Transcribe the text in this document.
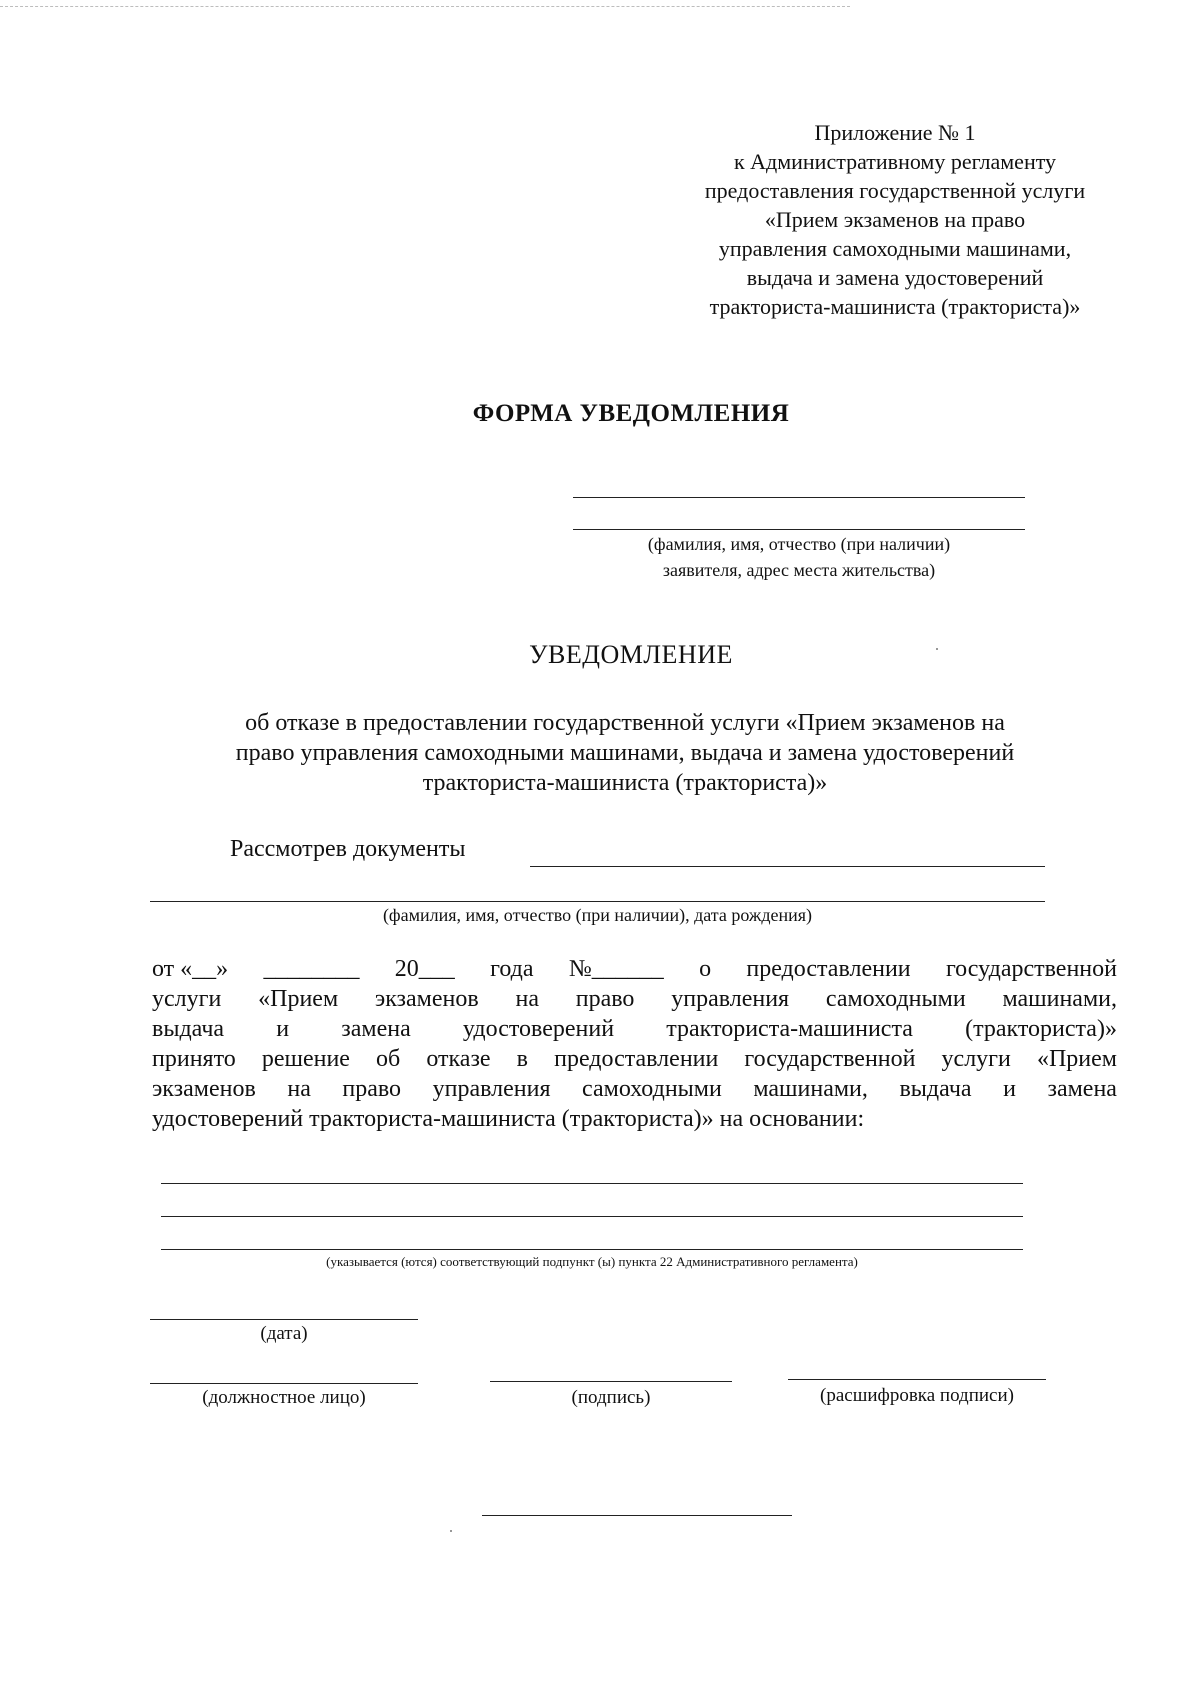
Приложение № 1
к Административному регламенту
предоставления государственной услуги
«Прием экзаменов на право
управления самоходными машинами,
выдача и замена удостоверений
тракториста-машиниста (тракториста)»
ФОРМА УВЕДОМЛЕНИЯ
(фамилия, имя, отчество (при наличии)
заявителя, адрес места жительства)
УВЕДОМЛЕНИЕ
об отказе в предоставлении государственной услуги «Прием экзаменов на
право управления самоходными машинами, выдача и замена удостоверений
тракториста-машиниста (тракториста)»
Рассмотрев документы
(фамилия, имя, отчество (при наличии), дата рождения)
от «__» ________ 20___ года №______ о предоставлении государственной
услуги «Прием экзаменов на право управления самоходными машинами,
выдача и замена удостоверений тракториста-машиниста (тракториста)»
принято решение об отказе в предоставлении государственной услуги «Прием
экзаменов на право управления самоходными машинами, выдача и замена
удостоверений тракториста-машиниста (тракториста)» на основании:
(указывается (ются) соответствующий подпункт (ы) пункта 22 Административного регламента)
(дата)
(должностное лицо)	(подпись)	(расшифровка подписи)
